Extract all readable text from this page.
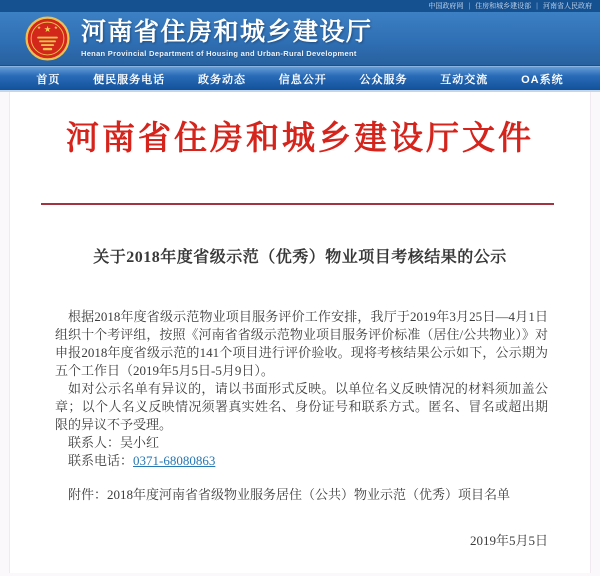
中国政府网 | 住房和城乡建设部 | 河南省人民政府
★
★	★ 河南省住房和城乡建设厅
Henan Provincial Department of Housing and Urban-Rural Development
首页	便民服务电话	政务动态	信息公开	公众服务	互动交流	OA系统
河南省住房和城乡建设厅文件
关于2018年度省级示范（优秀）物业项目考核结果的公示

根据2018年度省级示范物业项目服务评价工作安排，我厅于2019年3月25日—4月1日组织十个考评组，按照《河南省省级示范物业项目服务评价标准（居住/公共物业）》对申报2018年度省级示范的141个项目进行评价验收。现将考核结果公示如下，公示期为五个工作日（2019年5月5日-5月9日）。

如对公示名单有异议的，请以书面形式反映。以单位名义反映情况的材料须加盖公章；以个人名义反映情况须署真实姓名、身份证号和联系方式。匿名、冒名或超出期限的异议不予受理。

联系人：吴小红
联系电话：0371-68080863
附件：2018年度河南省省级物业服务居住（公共）物业示范（优秀）项目名单
2019年5月5日
